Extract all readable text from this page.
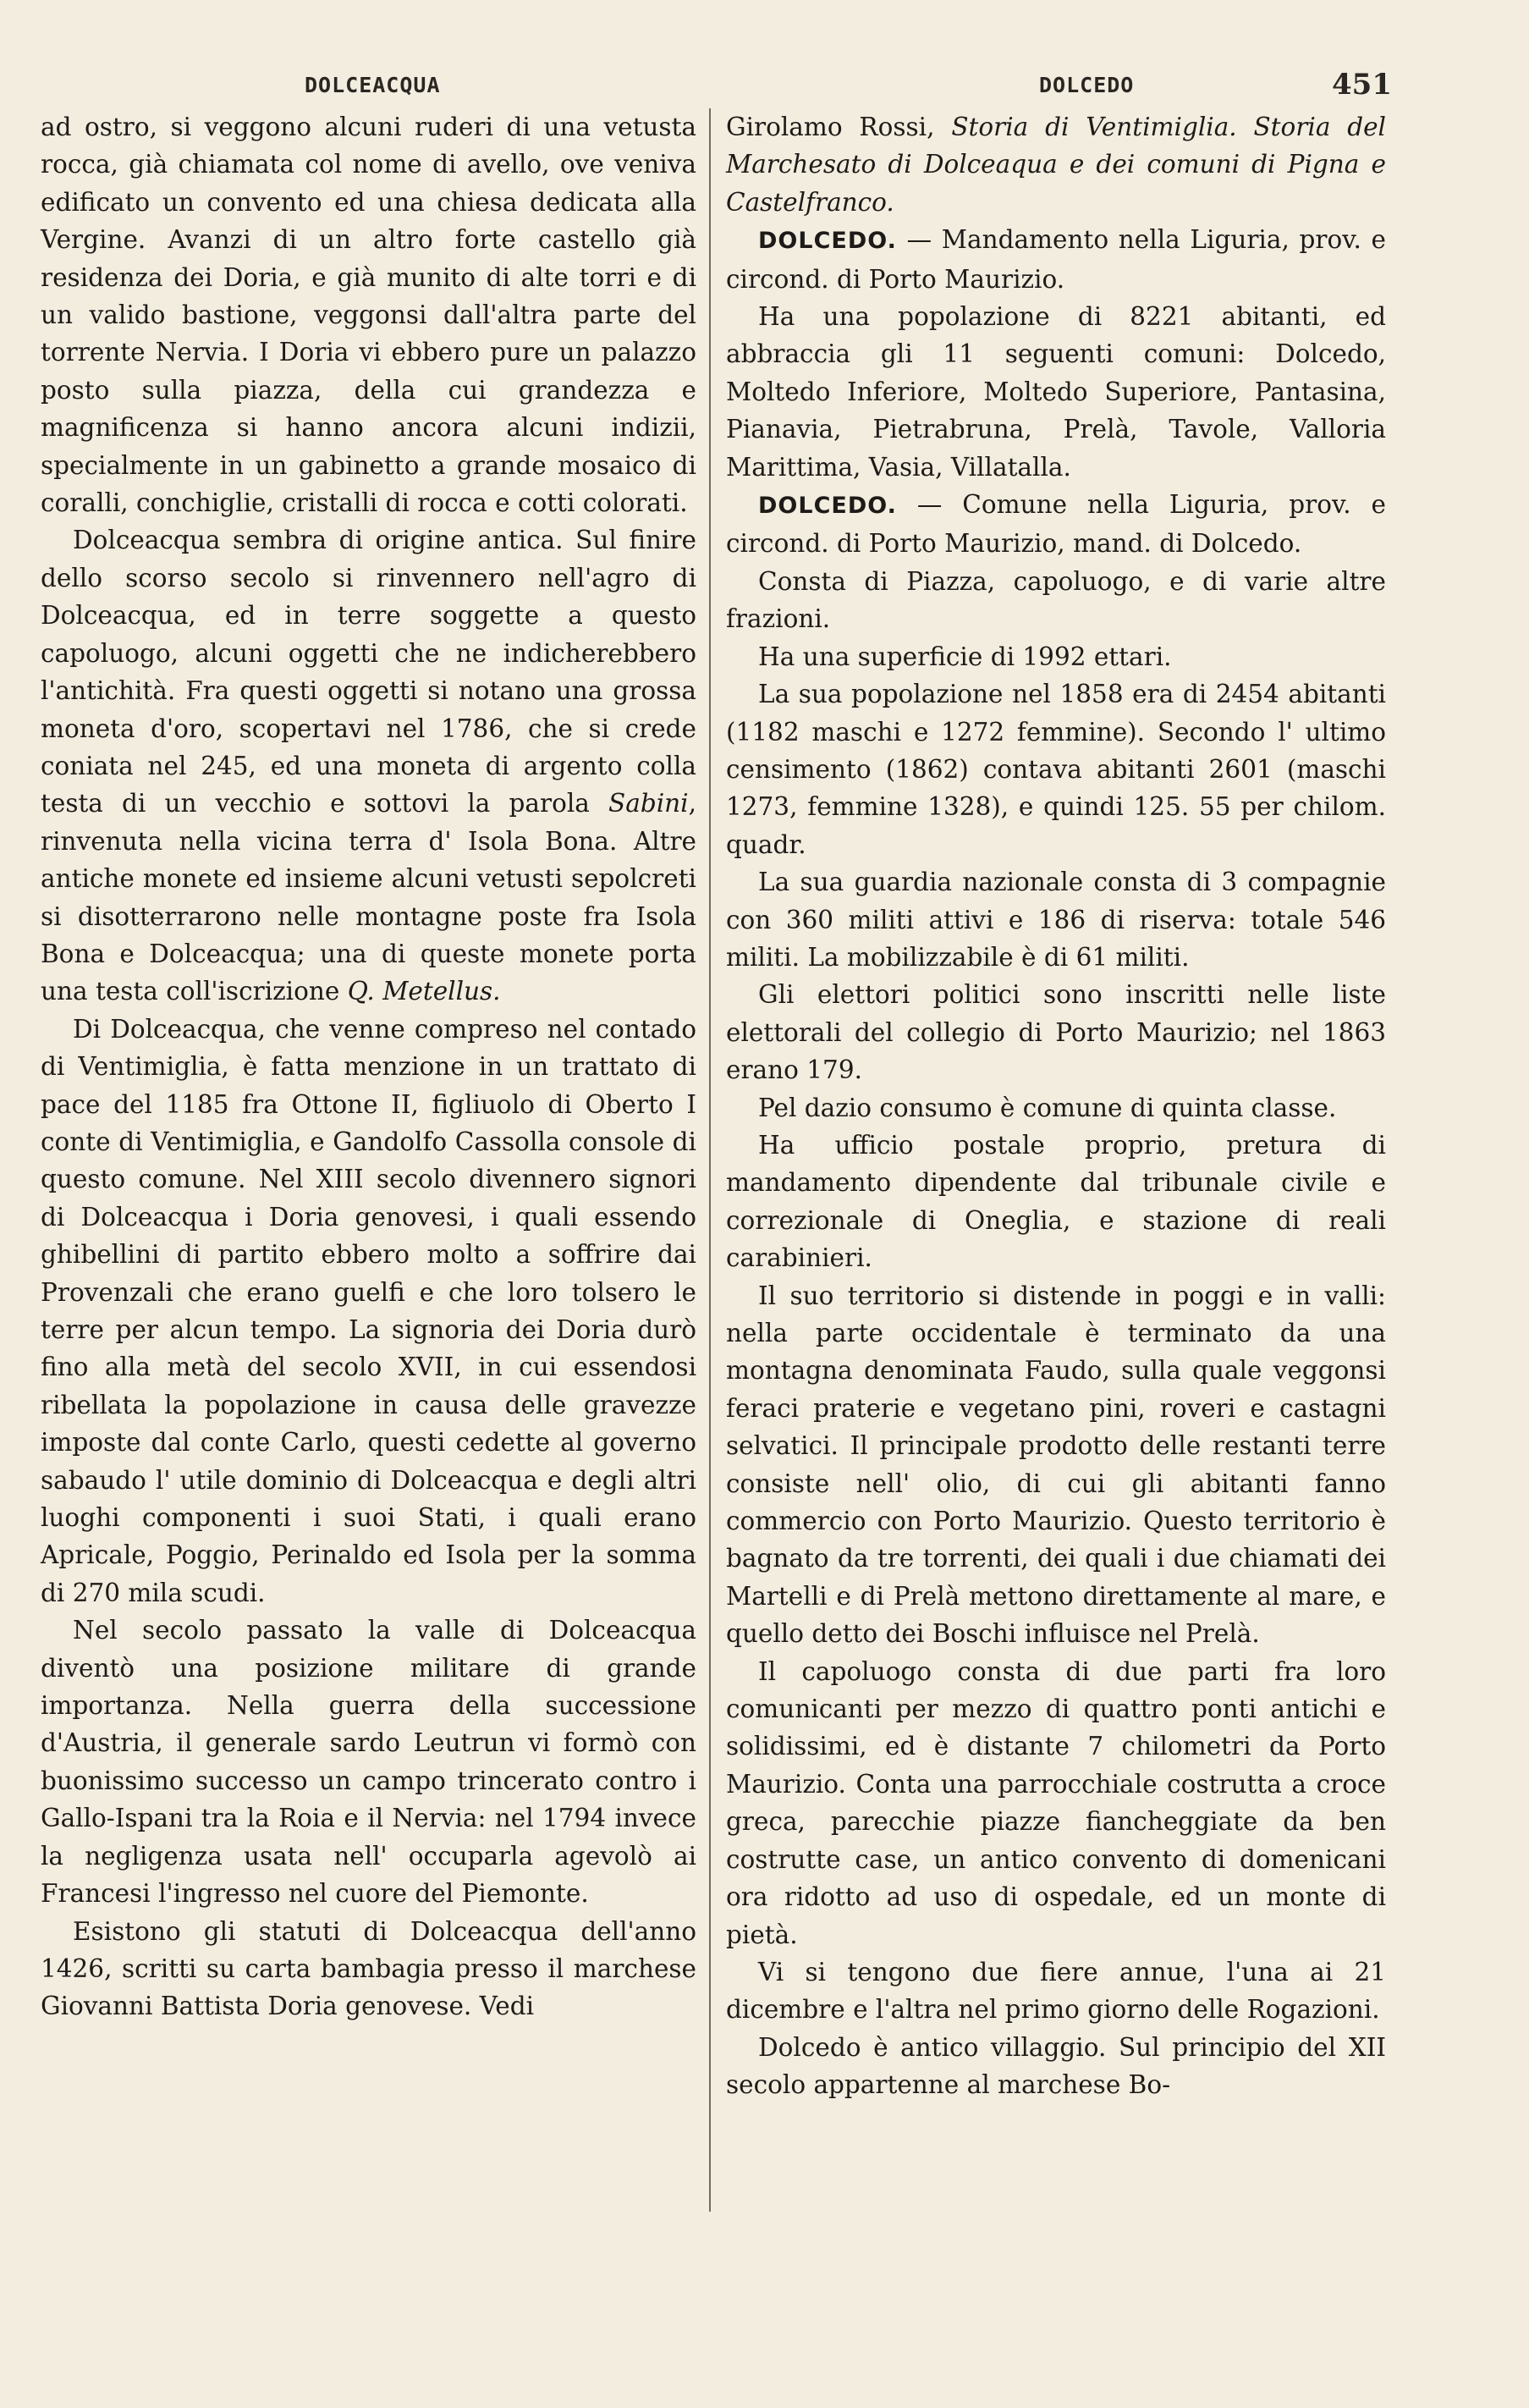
DOLCEACQUA	DOLCEDO	451

ad ostro, si veggono alcuni ruderi di una vetusta rocca, già chiamata col nome di avello, ove veniva edificato un convento ed una chiesa dedicata alla Vergine. Avanzi di un altro forte castello già residenza dei Doria, e già munito di alte torri e di un valido bastione, veggonsi dall'altra parte del torrente Nervia. I Doria vi ebbero pure un palazzo posto sulla piazza, della cui grandezza e magnificenza si hanno ancora alcuni indizii, specialmente in un gabinetto a grande mosaico di coralli, conchiglie, cristalli di rocca e cotti colorati.

Dolceacqua sembra di origine antica. Sul finire dello scorso secolo si rinvennero nell'agro di Dolceacqua, ed in terre soggette a questo capoluogo, alcuni oggetti che ne indicherebbero l'antichità. Fra questi oggetti si notano una grossa moneta d'oro, scopertavi nel 1786, che si crede coniata nel 245, ed una moneta di argento colla testa di un vecchio e sottovi la parola Sabini, rinvenuta nella vicina terra d' Isola Bona. Altre antiche monete ed insieme alcuni vetusti sepolcreti si disotterrarono nelle montagne poste fra Isola Bona e Dolceacqua; una di queste monete porta una testa coll'iscrizione Q. Metellus.

Di Dolceacqua, che venne compreso nel contado di Ventimiglia, è fatta menzione in un trattato di pace del 1185 fra Ottone II, figliuolo di Oberto I conte di Ventimiglia, e Gandolfo Cassolla console di questo comune. Nel XIII secolo divennero signori di Dolceacqua i Doria genovesi, i quali essendo ghibellini di partito ebbero molto a soffrire dai Provenzali che erano guelfi e che loro tolsero le terre per alcun tempo. La signoria dei Doria durò fino alla metà del secolo XVII, in cui essendosi ribellata la popolazione in causa delle gravezze imposte dal conte Carlo, questi cedette al governo sabaudo l' utile dominio di Dolceacqua e degli altri luoghi componenti i suoi Stati, i quali erano Apricale, Poggio, Perinaldo ed Isola per la somma di 270 mila scudi.

Nel secolo passato la valle di Dolceacqua diventò una posizione militare di grande importanza. Nella guerra della successione d'Austria, il generale sardo Leutrun vi formò con buonissimo successo un campo trincerato contro i Gallo-Ispani tra la Roia e il Nervia: nel 1794 invece la negligenza usata nell' occuparla agevolò ai Francesi l'ingresso nel cuore del Piemonte.

Esistono gli statuti di Dolceacqua dell'anno 1426, scritti su carta bambagia presso il marchese Giovanni Battista Doria genovese. Vedi

Girolamo Rossi, Storia di Ventimiglia. Storia del Marchesato di Dolceaqua e dei comuni di Pigna e Castelfranco.

DOLCEDO. — Mandamento nella Liguria, prov. e circond. di Porto Maurizio.

Ha una popolazione di 8221 abitanti, ed abbraccia gli 11 seguenti comuni: Dolcedo, Moltedo Inferiore, Moltedo Superiore, Pantasina, Pianavia, Pietrabruna, Prelà, Tavole, Valloria Marittima, Vasia, Villatalla.

DOLCEDO. — Comune nella Liguria, prov. e circond. di Porto Maurizio, mand. di Dolcedo.

Consta di Piazza, capoluogo, e di varie altre frazioni.

Ha una superficie di 1992 ettari.

La sua popolazione nel 1858 era di 2454 abitanti (1182 maschi e 1272 femmine). Secondo l' ultimo censimento (1862) contava abitanti 2601 (maschi 1273, femmine 1328), e quindi 125. 55 per chilom. quadr.

La sua guardia nazionale consta di 3 compagnie con 360 militi attivi e 186 di riserva: totale 546 militi. La mobilizzabile è di 61 militi.

Gli elettori politici sono inscritti nelle liste elettorali del collegio di Porto Maurizio; nel 1863 erano 179.

Pel dazio consumo è comune di quinta classe.

Ha ufficio postale proprio, pretura di mandamento dipendente dal tribunale civile e correzionale di Oneglia, e stazione di reali carabinieri.

Il suo territorio si distende in poggi e in valli: nella parte occidentale è terminato da una montagna denominata Faudo, sulla quale veggonsi feraci praterie e vegetano pini, roveri e castagni selvatici. Il principale prodotto delle restanti terre consiste nell' olio, di cui gli abitanti fanno commercio con Porto Maurizio. Questo territorio è bagnato da tre torrenti, dei quali i due chiamati dei Martelli e di Prelà mettono direttamente al mare, e quello detto dei Boschi influisce nel Prelà.

Il capoluogo consta di due parti fra loro comunicanti per mezzo di quattro ponti antichi e solidissimi, ed è distante 7 chilometri da Porto Maurizio. Conta una parrocchiale costrutta a croce greca, parecchie piazze fiancheggiate da ben costrutte case, un antico convento di domenicani ora ridotto ad uso di ospedale, ed un monte di pietà.

Vi si tengono due fiere annue, l'una ai 21 dicembre e l'altra nel primo giorno delle Rogazioni.

Dolcedo è antico villaggio. Sul principio del XII secolo appartenne al marchese Bo-
